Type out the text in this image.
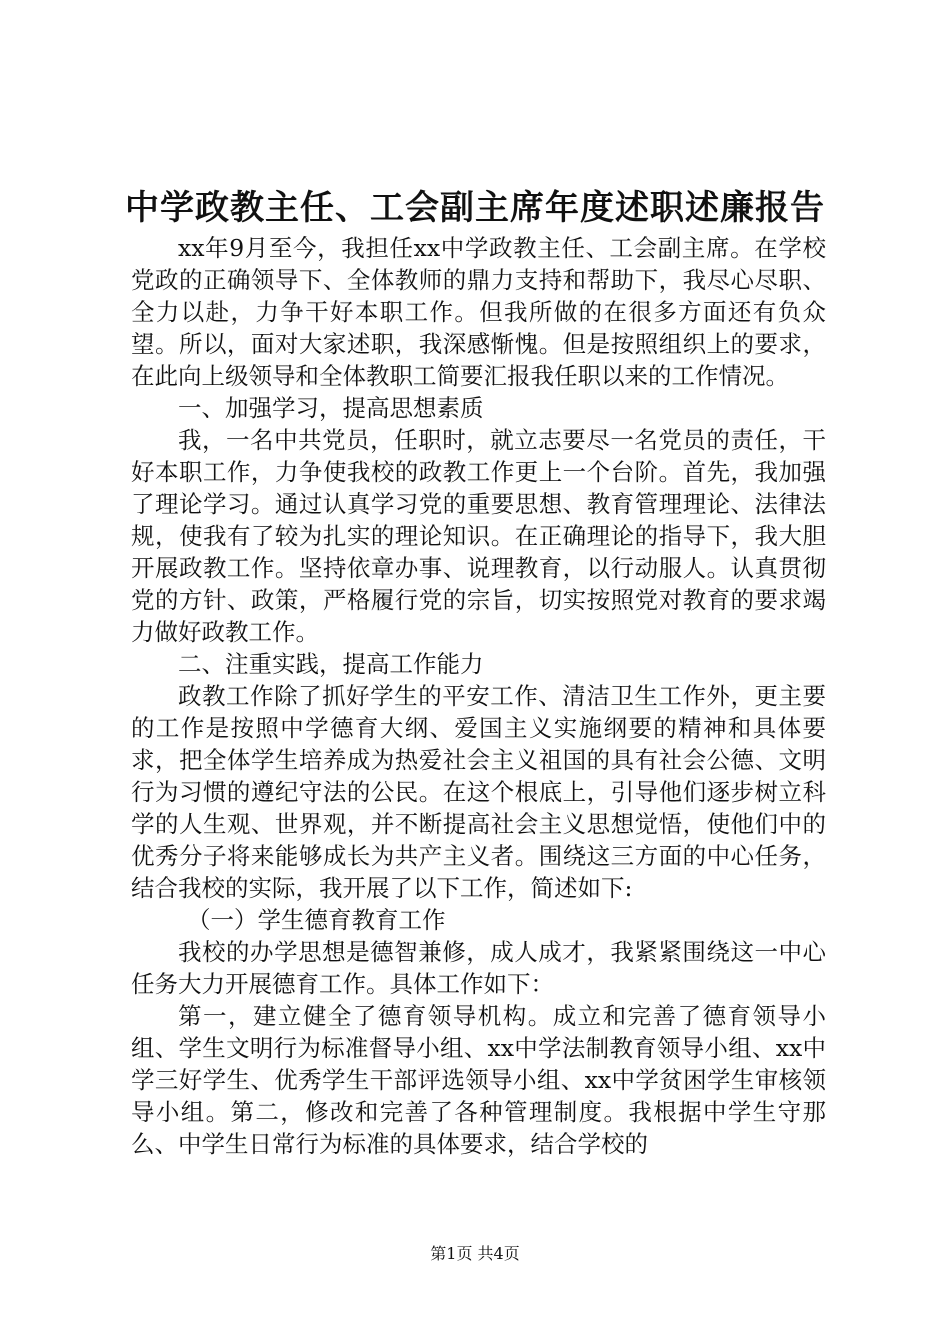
中学政教主任、工会副主席年度述职述廉报告

xx年9月至今，我担任xx中学政教主任、工会副主席。在学校党政的正确领导下、全体教师的鼎力支持和帮助下，我尽心尽职、全力以赴，力争干好本职工作。但我所做的在很多方面还有负众望。所以，面对大家述职，我深感惭愧。但是按照组织上的要求，在此向上级领导和全体教职工简要汇报我任职以来的工作情况。

一、加强学习，提高思想素质

我，一名中共党员，任职时，就立志要尽一名党员的责任，干好本职工作，力争使我校的政教工作更上一个台阶。首先，我加强了理论学习。通过认真学习党的重要思想、教育管理理论、法律法规，使我有了较为扎实的理论知识。在正确理论的指导下，我大胆开展政教工作。坚持依章办事、说理教育，以行动服人。认真贯彻党的方针、政策，严格履行党的宗旨，切实按照党对教育的要求竭力做好政教工作。

二、注重实践，提高工作能力

政教工作除了抓好学生的平安工作、清洁卫生工作外，更主要的工作是按照中学德育大纲、爱国主义实施纲要的精神和具体要求，把全体学生培养成为热爱社会主义祖国的具有社会公德、文明行为习惯的遵纪守法的公民。在这个根底上，引导他们逐步树立科学的人生观、世界观，并不断提高社会主义思想觉悟，使他们中的优秀分子将来能够成长为共产主义者。围绕这三方面的中心任务，结合我校的实际，我开展了以下工作，简述如下:

（一）学生德育教育工作

我校的办学思想是德智兼修，成人成才，我紧紧围绕这一中心任务大力开展德育工作。具体工作如下：

第一，建立健全了德育领导机构。成立和完善了德育领导小组、学生文明行为标准督导小组、xx中学法制教育领导小组、xx中学三好学生、优秀学生干部评选领导小组、xx中学贫困学生审核领导小组。第二，修改和完善了各种管理制度。我根据中学生守那么、中学生日常行为标准的具体要求，结合学校的

第1页 共4页
